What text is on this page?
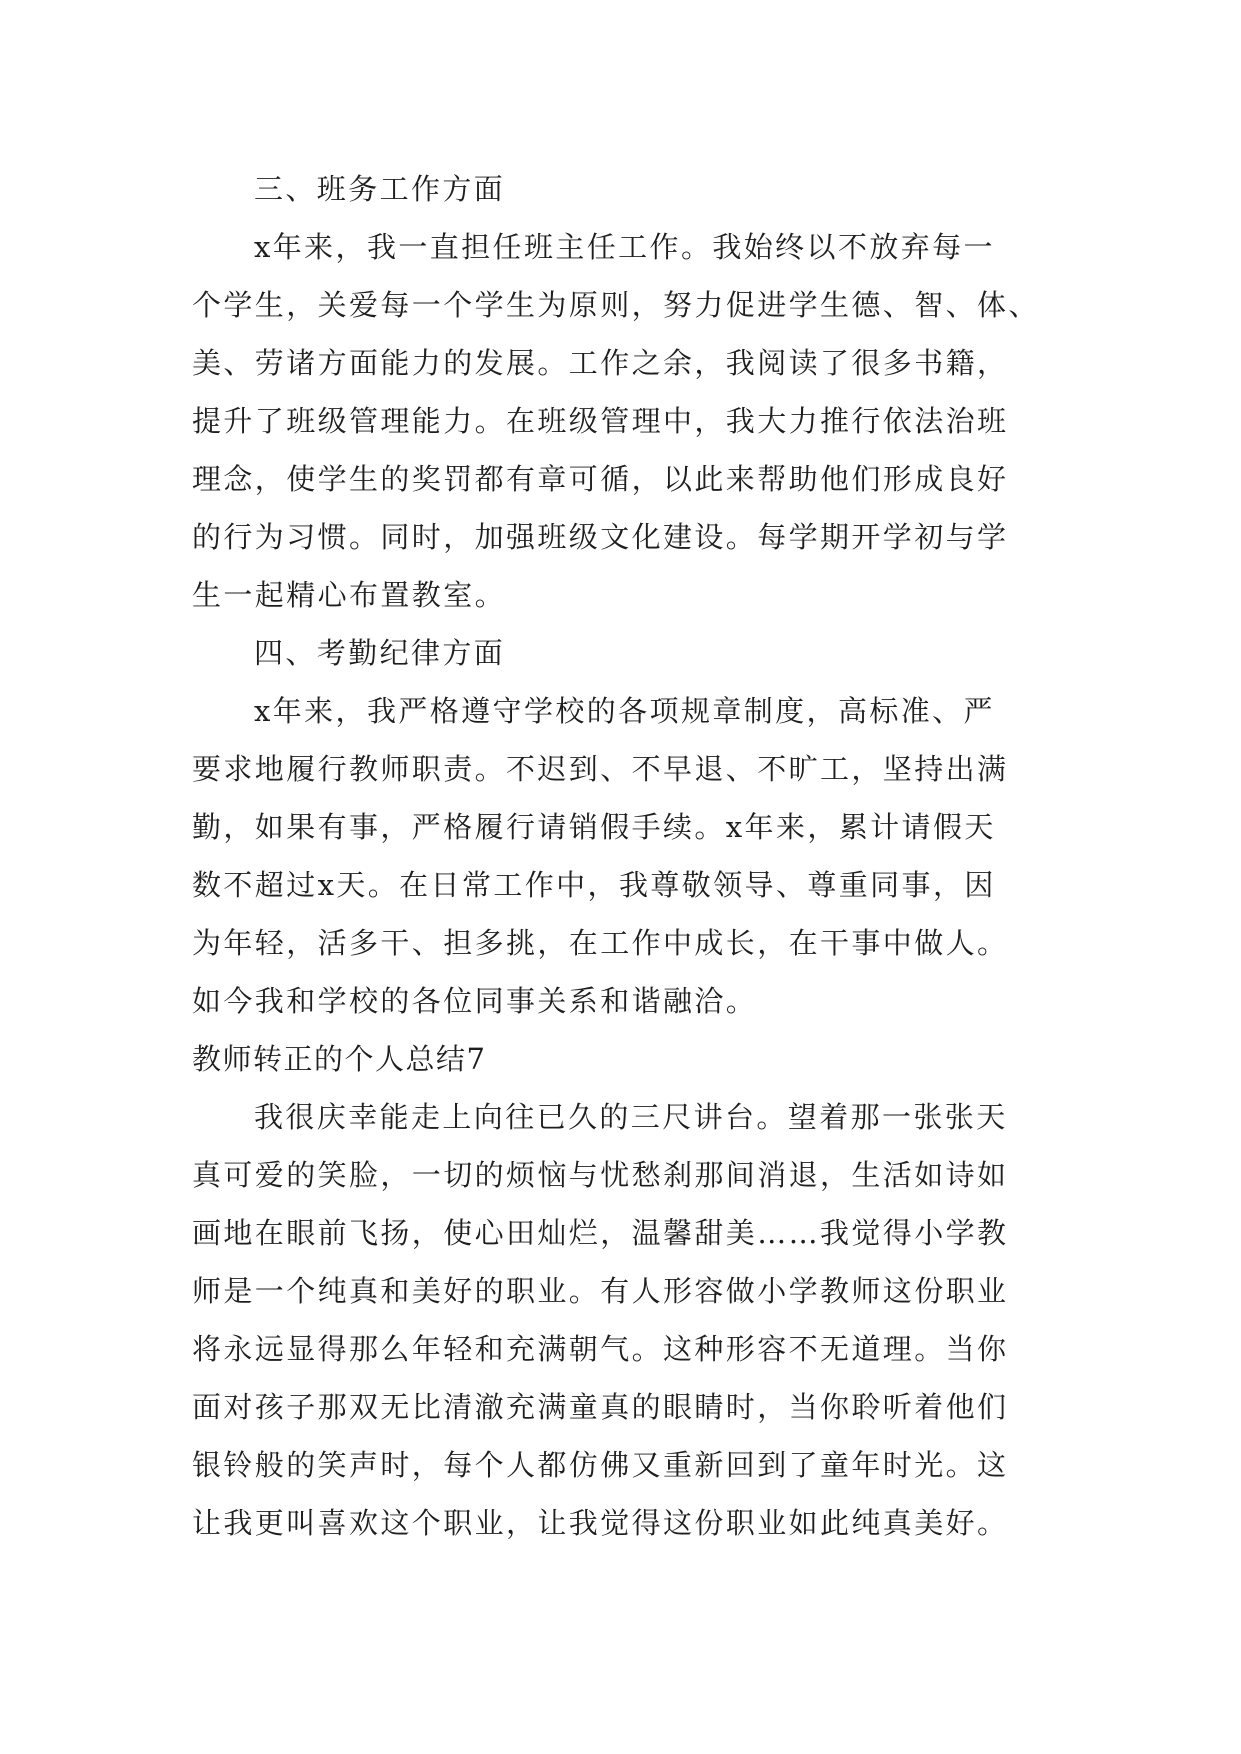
三、班务工作方面
x年来，我一直担任班主任工作。我始终以不放弃每一
个学生，关爱每一个学生为原则，努力促进学生德、智、体、
美、劳诸方面能力的发展。工作之余，我阅读了很多书籍，
提升了班级管理能力。在班级管理中，我大力推行依法治班
理念，使学生的奖罚都有章可循，以此来帮助他们形成良好
的行为习惯。同时，加强班级文化建设。每学期开学初与学
生一起精心布置教室。
四、考勤纪律方面
x年来，我严格遵守学校的各项规章制度，高标准、严
要求地履行教师职责。不迟到、不早退、不旷工，坚持出满
勤，如果有事，严格履行请销假手续。x年来，累计请假天
数不超过x天。在日常工作中，我尊敬领导、尊重同事，因
为年轻，活多干、担多挑，在工作中成长，在干事中做人。
如今我和学校的各位同事关系和谐融洽。
教师转正的个人总结7
我很庆幸能走上向往已久的三尺讲台。望着那一张张天
真可爱的笑脸，一切的烦恼与忧愁刹那间消退，生活如诗如
画地在眼前飞扬，使心田灿烂，温馨甜美……我觉得小学教
师是一个纯真和美好的职业。有人形容做小学教师这份职业
将永远显得那么年轻和充满朝气。这种形容不无道理。当你
面对孩子那双无比清澈充满童真的眼睛时，当你聆听着他们
银铃般的笑声时，每个人都仿佛又重新回到了童年时光。这
让我更叫喜欢这个职业，让我觉得这份职业如此纯真美好。
